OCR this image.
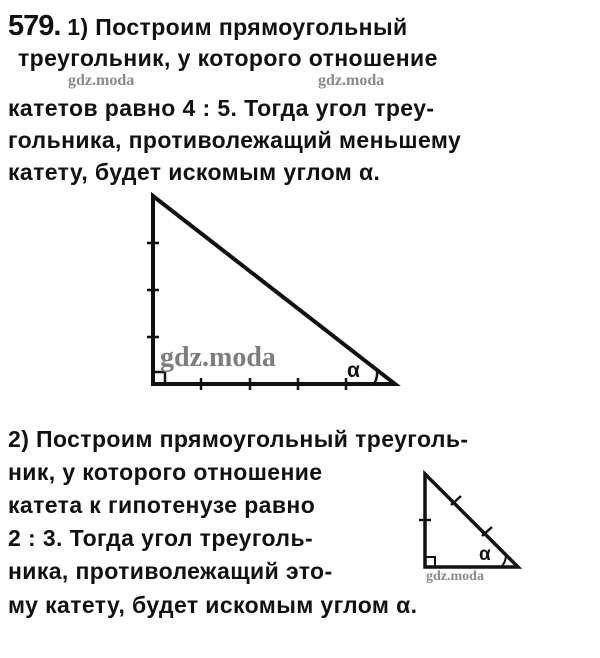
579. 1) Построим прямоугольный
треугольник, у которого отношение
катетов равно 4 : 5. Тогда угол треу-
гольника, противолежащий меньшему
катету, будет искомым углом α.
gdz.moda	gdz.moda
α
gdz.moda
2) Построим прямоугольный треуголь-
ник, у которого отношение
катета к гипотенузе равно
2 : 3. Тогда угол треуголь-
ника, противолежащий это-
му катету, будет искомым углом α.
α
gdz.moda
